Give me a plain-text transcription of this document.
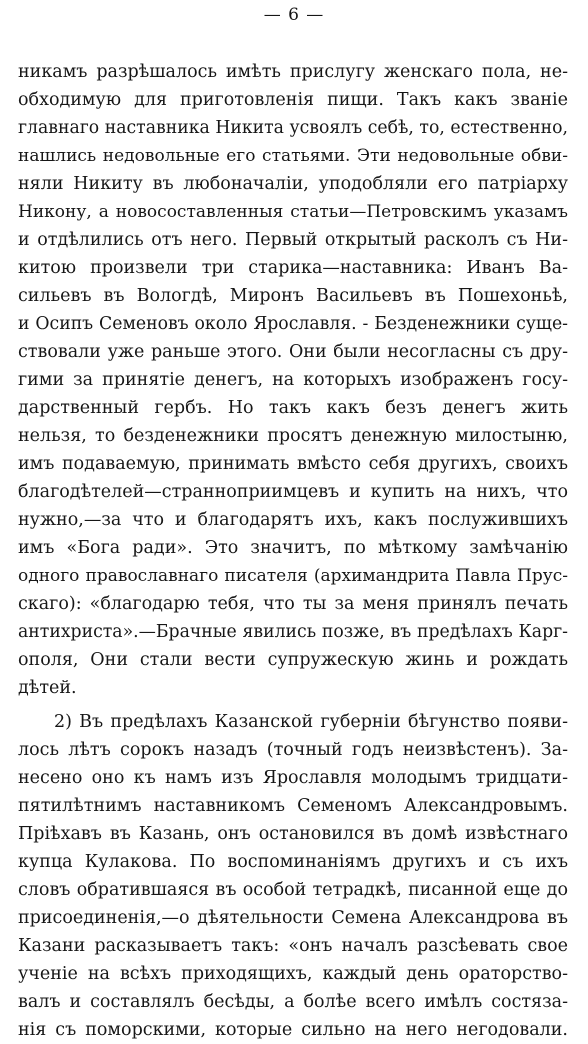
— 6 —
никамъ разрѣшалось имѣть прислугу женскаго пола, не-
обходимую для приготовленія пищи. Такъ какъ званіе
главнаго наставника Никита усвоялъ себѣ, то, естественно,
нашлись недовольные его статьями. Эти недовольные обви-
няли Никиту въ любоначаліи, уподобляли его патріарху
Никону, а новосоставленныя статьи—Петровскимъ указамъ
и отдѣлились отъ него. Первый открытый расколъ съ Ни-
китою произвели три старика—наставника: Иванъ Ва-
сильевъ въ Вологдѣ, Миронъ Васильевъ въ Пошехоньѣ,
и Осипъ Семеновъ около Ярославля. - Безденежники суще-
ствовали уже раньше этого. Они были несогласны съ дру-
гими за принятіе денегъ, на которыхъ изображенъ госу-
дарственный гербъ. Но такъ какъ безъ денегъ жить
нельзя, то безденежники просятъ денежную милостыню,
имъ подаваемую, принимать вмѣсто себя другихъ, своихъ
благодѣтелей—странноприимцевъ и купить на нихъ, что
нужно,—за что и благодарятъ ихъ, какъ послужившихъ
имъ «Бога ради». Это значитъ, по мѣткому замѣчанію
одного православнаго писателя (архимандрита Павла Прус-
скаго): «благодарю тебя, что ты за меня принялъ печать
антихриста».—Брачные явились позже, въ предѣлахъ Карг-
ополя, Они стали вести супружескую жинь и рождать
дѣтей.
2) Въ предѣлахъ Казанской губерніи бѣгунство появи-
лось лѣтъ сорокъ назадъ (точный годъ неизвѣстенъ). За-
несено оно къ намъ изъ Ярославля молодымъ тридцати-
пятилѣтнимъ наставникомъ Семеномъ Александровымъ.
Пріѣхавъ въ Казань, онъ остановился въ домѣ извѣстнаго
купца Кулакова. По воспоминаніямъ другихъ и съ ихъ
словъ обратившаяся въ особой тетрадкѣ, писанной еще до
присоединенія,—о дѣятельности Семена Александрова въ
Казани расказываетъ такъ: «онъ началъ разсѣевать свое
ученіе на всѣхъ приходящихъ, каждый день ораторство-
валъ и составлялъ бесѣды, а болѣе всего имѣлъ состяза-
нія съ поморскими, которые сильно на него негодовали.
